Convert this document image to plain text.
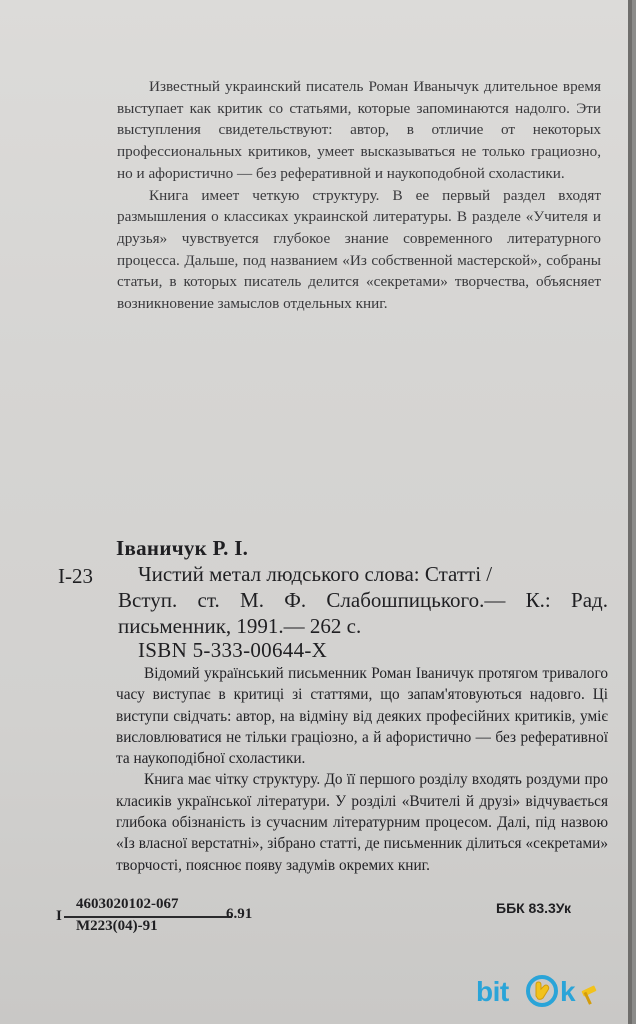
Известный украинский писатель Роман Иванычук длительное время выступает как критик со статьями, которые запоминаются надолго. Эти выступления свидетельствуют: автор, в отличие от некоторых профессиональных критиков, умеет высказываться не только грациозно, но и афористично — без реферативной и наукоподобной схоластики.

Книга имеет четкую структуру. В ее первый раздел входят размышления о классиках украинской литературы. В разделе «Учителя и друзья» чувствуется глубокое знание современного литературного процесса. Дальше, под названием «Из собственной мастерской», собраны статьи, в которых писатель делится «секретами» творчества, объясняет возникновение замыслов отдельных книг.

Іваничук Р. І.
І-23	Чистий метал людського слова: Статті /
Вступ. ст. М. Ф. Слабошпицького.— К.: Рад. письменник, 1991.— 262 с.
ISBN 5-333-00644-X

Відомий український письменник Роман Іваничук протягом тривалого часу виступає в критиці зі статтями, що запам'ятовуються надовго. Ці виступи свідчать: автор, на відміну від деяких професійних критиків, уміє висловлюватися не тільки граціозно, а й афористично — без реферативної та наукоподібної схоластики.

Книга має чітку структуру. До її першого розділу входять роздуми про класиків української літератури. У розділі «Вчителі й друзі» відчувається глибока обізнаність із сучасним літературним процесом. Далі, під назвою «Із власної верстатні», зібрано статті, де письменник ділиться «секретами» творчості, пояснює появу задумів окремих книг.

І
4603020102-067
М223(04)-91
6.91	ББК 83.3Ук
bit k
